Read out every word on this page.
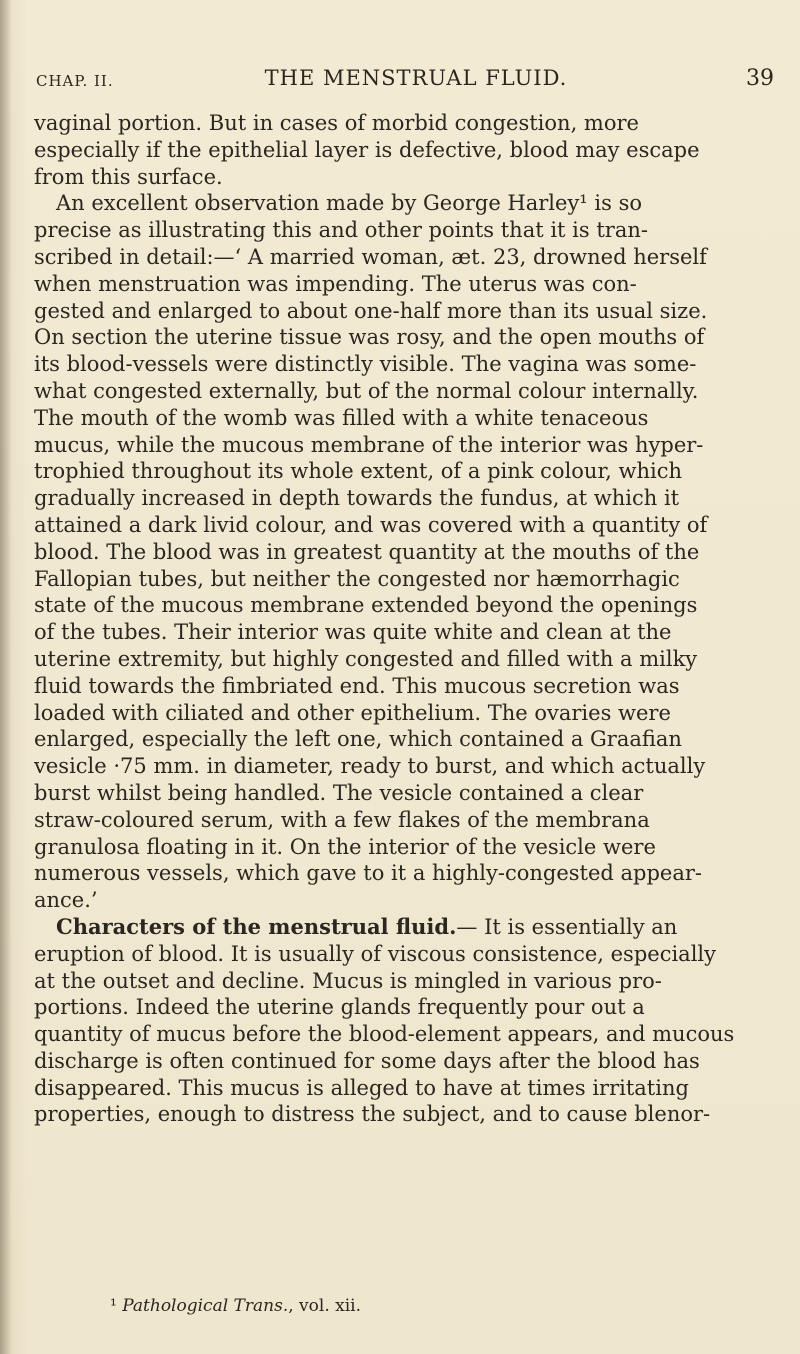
CHAP. II.	THE MENSTRUAL FLUID.	39
vaginal portion. But in cases of morbid congestion, more
especially if the epithelial layer is defective, blood may escape
from this surface.
An excellent observation made by George Harley¹ is so
precise as illustrating this and other points that it is tran-
scribed in detail:—‘ A married woman, æt. 23, drowned herself
when menstruation was impending. The uterus was con-
gested and enlarged to about one-half more than its usual size.
On section the uterine tissue was rosy, and the open mouths of
its blood-vessels were distinctly visible. The vagina was some-
what congested externally, but of the normal colour internally.
The mouth of the womb was filled with a white tenaceous
mucus, while the mucous membrane of the interior was hyper-
trophied throughout its whole extent, of a pink colour, which
gradually increased in depth towards the fundus, at which it
attained a dark livid colour, and was covered with a quantity of
blood. The blood was in greatest quantity at the mouths of the
Fallopian tubes, but neither the congested nor hæmorrhagic
state of the mucous membrane extended beyond the openings
of the tubes. Their interior was quite white and clean at the
uterine extremity, but highly congested and filled with a milky
fluid towards the fimbriated end. This mucous secretion was
loaded with ciliated and other epithelium. The ovaries were
enlarged, especially the left one, which contained a Graafian
vesicle ·75 mm. in diameter, ready to burst, and which actually
burst whilst being handled. The vesicle contained a clear
straw-coloured serum, with a few flakes of the membrana
granulosa floating in it. On the interior of the vesicle were
numerous vessels, which gave to it a highly-congested appear-
ance.’
Characters of the menstrual fluid.— It is essentially an
eruption of blood. It is usually of viscous consistence, especially
at the outset and decline. Mucus is mingled in various pro-
portions. Indeed the uterine glands frequently pour out a
quantity of mucus before the blood-element appears, and mucous
discharge is often continued for some days after the blood has
disappeared. This mucus is alleged to have at times irritating
properties, enough to distress the subject, and to cause blenor-
¹ Pathological Trans., vol. xii.
